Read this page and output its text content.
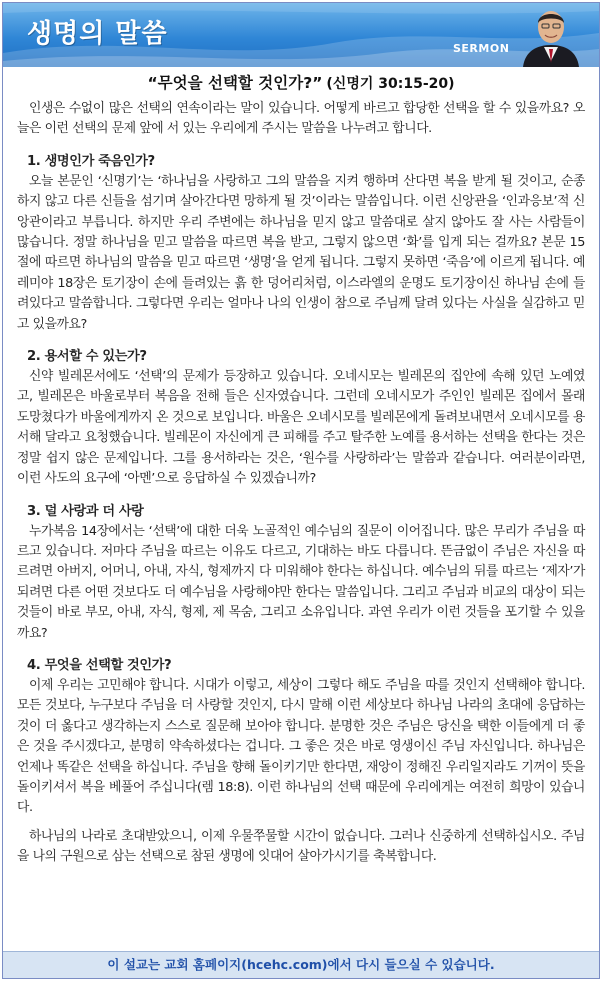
생명의 말씀	SERMON
“무엇을 선택할 것인가?” (신명기 30:15-20)

인생은 수없이 많은 선택의 연속이라는 말이 있습니다. 어떻게 바르고 합당한 선택을 할 수 있을까요? 오늘은 이런 선택의 문제 앞에 서 있는 우리에게 주시는 말씀을 나누려고 합니다.

1. 생명인가 죽음인가?

오늘 본문인 ‘신명기’는 ‘하나님을 사랑하고 그의 말씀을 지켜 행하며 산다면 복을 받게 될 것이고, 순종하지 않고 다른 신들을 섬기며 살아간다면 망하게 될 것’이라는 말씀입니다. 이런 신앙관을 ‘인과응보’적 신앙관이라고 부릅니다. 하지만 우리 주변에는 하나님을 믿지 않고 말씀대로 살지 않아도 잘 사는 사람들이 많습니다. 정말 하나님을 믿고 말씀을 따르면 복을 받고, 그렇지 않으면 ‘화’를 입게 되는 걸까요? 본문 15절에 따르면 하나님의 말씀을 믿고 따르면 ‘생명’을 얻게 됩니다. 그렇지 못하면 ‘죽음’에 이르게 됩니다. 예레미야 18장은 토기장이 손에 들려있는 흙 한 덩어리처럼, 이스라엘의 운명도 토기장이신 하나님 손에 들려있다고 말씀합니다. 그렇다면 우리는 얼마나 나의 인생이 참으로 주님께 달려 있다는 사실을 실감하고 믿고 있을까요?

2. 용서할 수 있는가?

신약 빌레몬서에도 ‘선택’의 문제가 등장하고 있습니다. 오네시모는 빌레몬의 집안에 속해 있던 노예였고, 빌레몬은 바울로부터 복음을 전해 들은 신자였습니다. 그런데 오네시모가 주인인 빌레몬 집에서 몰래 도망쳤다가 바울에게까지 온 것으로 보입니다. 바울은 오네시모를 빌레몬에게 돌려보내면서 오네시모를 용서해 달라고 요청했습니다. 빌레몬이 자신에게 큰 피해를 주고 탈주한 노예를 용서하는 선택을 한다는 것은 정말 쉽지 않은 문제입니다. 그를 용서하라는 것은, ‘원수를 사랑하라’는 말씀과 같습니다. 여러분이라면, 이런 사도의 요구에 ‘아멘’으로 응답하실 수 있겠습니까?

3. 덜 사랑과 더 사랑

누가복음 14장에서는 ‘선택’에 대한 더욱 노골적인 예수님의 질문이 이어집니다. 많은 무리가 주님을 따르고 있습니다. 저마다 주님을 따르는 이유도 다르고, 기대하는 바도 다릅니다. 뜬금없이 주님은 자신을 따르려면 아버지, 어머니, 아내, 자식, 형제까지 다 미워해야 한다는 하십니다. 예수님의 뒤를 따르는 ‘제자’가 되려면 다른 어떤 것보다도 더 예수님을 사랑해야만 한다는 말씀입니다. 그리고 주님과 비교의 대상이 되는 것들이 바로 부모, 아내, 자식, 형제, 제 목숨, 그리고 소유입니다. 과연 우리가 이런 것들을 포기할 수 있을까요?

4. 무엇을 선택할 것인가?

이제 우리는 고민해야 합니다. 시대가 이렇고, 세상이 그렇다 해도 주님을 따를 것인지 선택해야 합니다. 모든 것보다, 누구보다 주님을 더 사랑할 것인지, 다시 말해 이런 세상보다 하나님 나라의 초대에 응답하는 것이 더 옳다고 생각하는지 스스로 질문해 보아야 합니다. 분명한 것은 주님은 당신을 택한 이들에게 더 좋은 것을 주시겠다고, 분명히 약속하셨다는 겁니다. 그 좋은 것은 바로 영생이신 주님 자신입니다. 하나님은 언제나 똑같은 선택을 하십니다. 주님을 향해 돌이키기만 한다면, 재앙이 정해진 우리일지라도 기꺼이 뜻을 돌이키셔서 복을 베풀어 주십니다(렘 18:8). 이런 하나님의 선택 때문에 우리에게는 여전히 희망이 있습니다.

하나님의 나라로 초대받았으니, 이제 우물쭈물할 시간이 없습니다. 그러나 신중하게 선택하십시오. 주님을 나의 구원으로 삼는 선택으로 참된 생명에 잇대어 살아가시기를 축복합니다.

이 설교는 교회 홈페이지(hcehc.com)에서 다시 들으실 수 있습니다.
